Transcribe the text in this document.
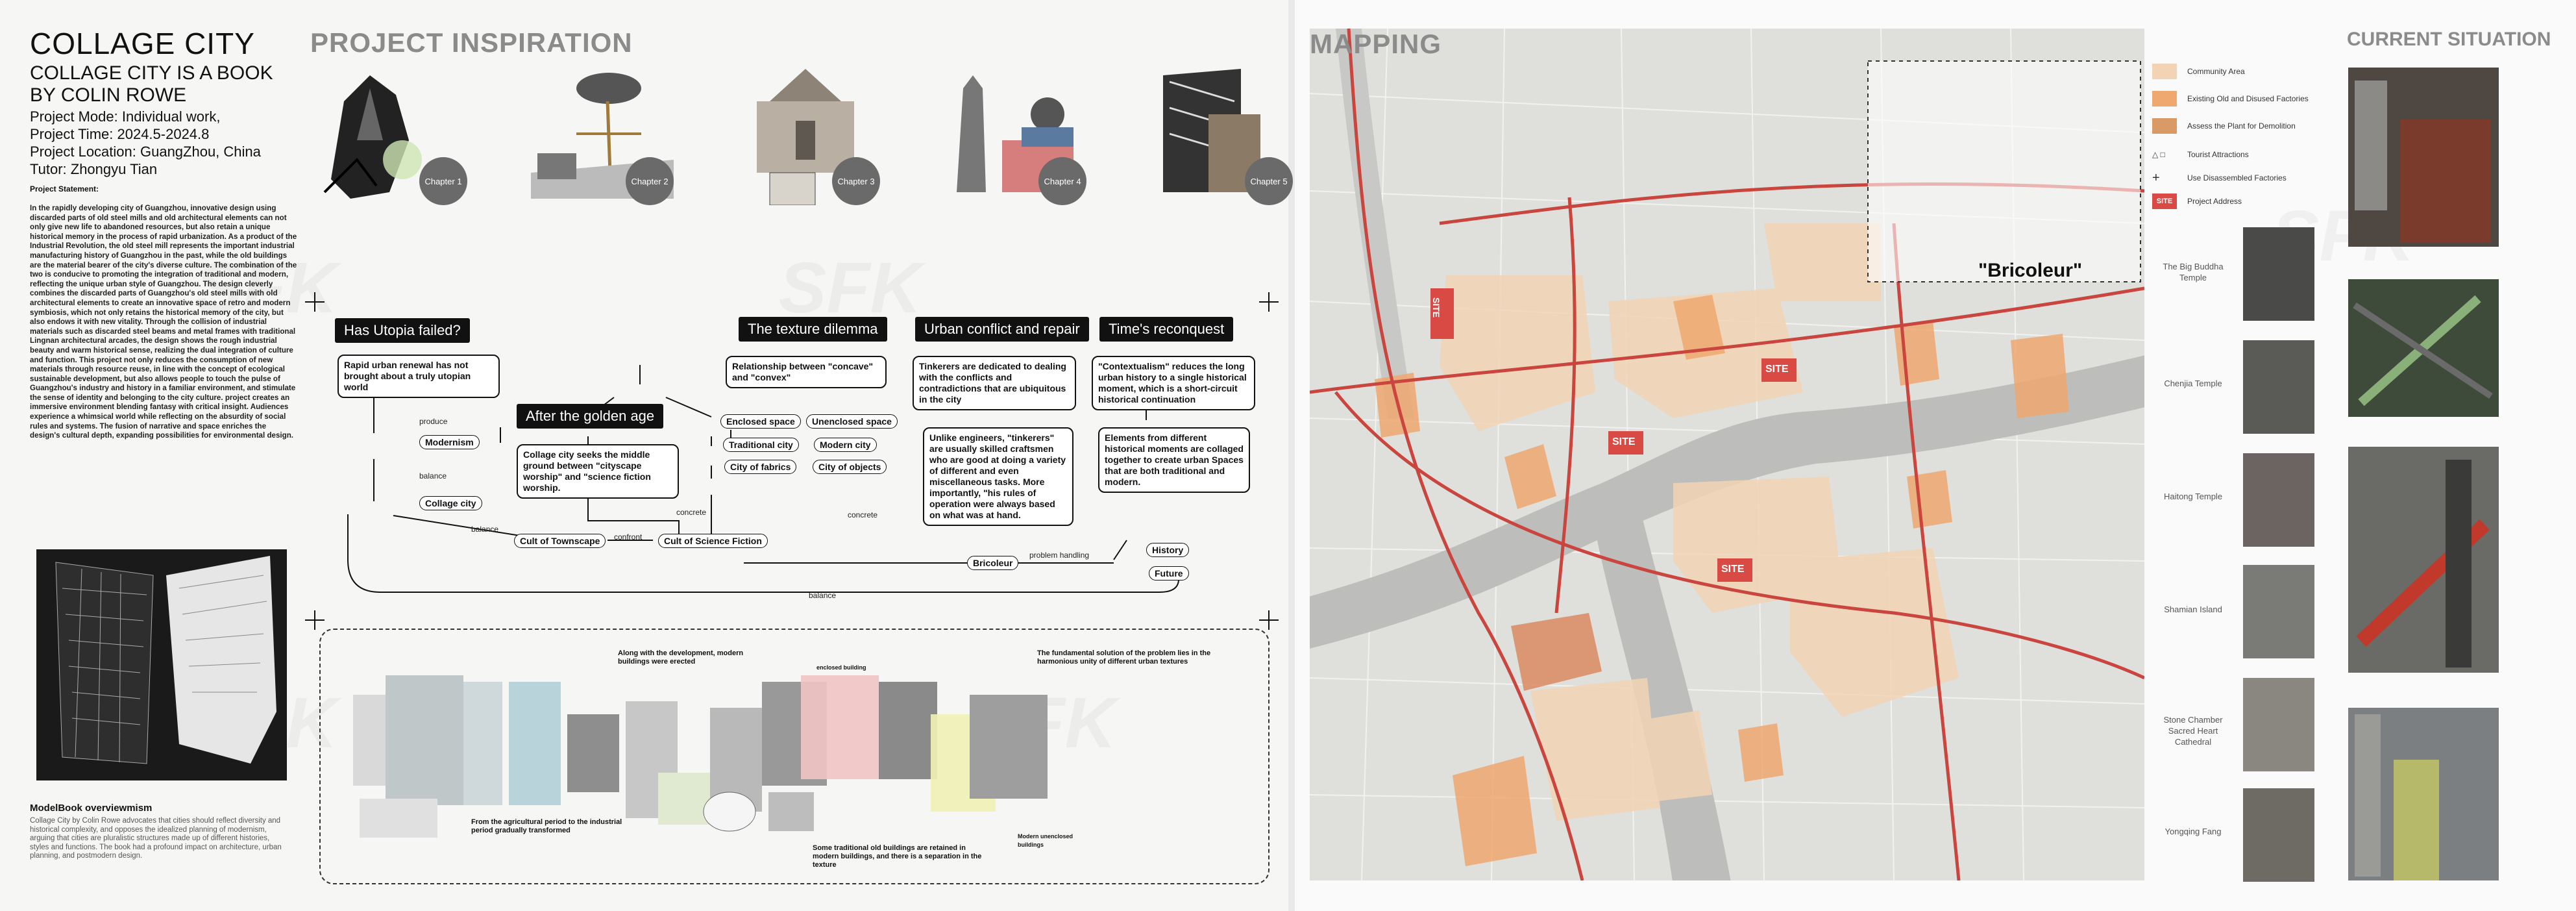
COLLAGE CITY
COLLAGE CITY IS A BOOK BY COLIN ROWE
Project Mode: Individual work,
Project Time: 2024.5-2024.8
Project Location: GuangZhou, China
Tutor: Zhongyu Tian
Project Statement:
In the rapidly developing city of Guangzhou, innovative design using discarded parts of old steel mills and old architectural elements can not only give new life to abandoned resources, but also retain a unique historical memory in the process of rapid urbanization. As a product of the Industrial Revolution, the old steel mill represents the important industrial manufacturing history of Guangzhou in the past, while the old buildings are the material bearer of the city's diverse culture. The combination of the two is conducive to promoting the integration of traditional and modern, reflecting the unique urban style of Guangzhou. The design cleverly combines the discarded parts of Guangzhou's old steel mills with old architectural elements to create an innovative space of retro and modern symbiosis, which not only retains the historical memory of the city, but also endows it with new vitality. Through the collision of industrial materials such as discarded steel beams and metal frames with traditional Lingnan architectural arcades, the design shows the rough industrial beauty and warm historical sense, realizing the dual integration of culture and function. This project not only reduces the consumption of new materials through resource reuse, in line with the concept of ecological sustainable development, but also allows people to touch the pulse of Guangzhou's industry and history in a familiar environment, and stimulate the sense of identity and belonging to the city culture. project creates an immersive environment blending fantasy with critical insight. Audiences experience a whimsical world while reflecting on the absurdity of social rules and systems. The fusion of narrative and space enriches the design's cultural depth, expanding possibilities for environmental design.
ModelBook overviewmism
Collage City by Colin Rowe advocates that cities should reflect diversity and historical complexity, and opposes the idealized planning of modernism, arguing that cities are pluralistic structures made up of different histories, styles and functions. The book had a profound impact on architecture, urban planning, and postmodern design.
PROJECT INSPIRATION
Chapter 1	Chapter 2	Chapter 3	Chapter 4	Chapter 5
Has Utopia failed?
After the golden age
The texture dilemma	Urban conflict and repair	Time's reconquest
Rapid urban renewal has not brought about a truly utopian world
Collage city seeks the middle ground between "cityscape worship" and "science fiction worship.
Relationship between "concave" and "convex"
Tinkerers are dedicated to dealing with the conflicts and contradictions that are ubiquitous in the city
Unlike engineers, "tinkerers" are usually skilled craftsmen who are good at doing a variety of different and even miscellaneous tasks. More importantly, "his rules of operation were always based on what was at hand.
"Contextualism" reduces the long urban history to a single historical moment, which is a short-circuit historical continuation
Elements from different historical moments are collaged together to create urban Spaces that are both traditional and modern.
produce
Modernism
balance
Collage city
balance
Cult of Townscape	confront	Cult of Science Fiction
Enclosed space	Unenclosed space
Traditional city	Modern city
City of fabrics	City of objects
concrete	concrete
Bricoleur
problem handling	History
Future
balance
Along with the development, modern buildings were erected
From the agricultural period to the industrial period gradually transformed
enclosed building
The fundamental solution of the problem lies in the harmonious unity of different urban textures
Some traditional old buildings are retained in modern buildings, and there is a separation in the texture
Modern unenclosed buildings
MAPPING
"Bricoleur"
SITE
SITE
SITE
SITE
Community Area
Existing Old and Disused Factories
Assess the Plant for Demolition
△ □	Tourist Attractions
+	Use Disassembled Factories
SITE	Project Address
CURRENT SITUATION
The Big Buddha Temple
Chenjia Temple
Haitong Temple
Shamian Island
Stone Chamber Sacred Heart Cathedral
Yongqing Fang
